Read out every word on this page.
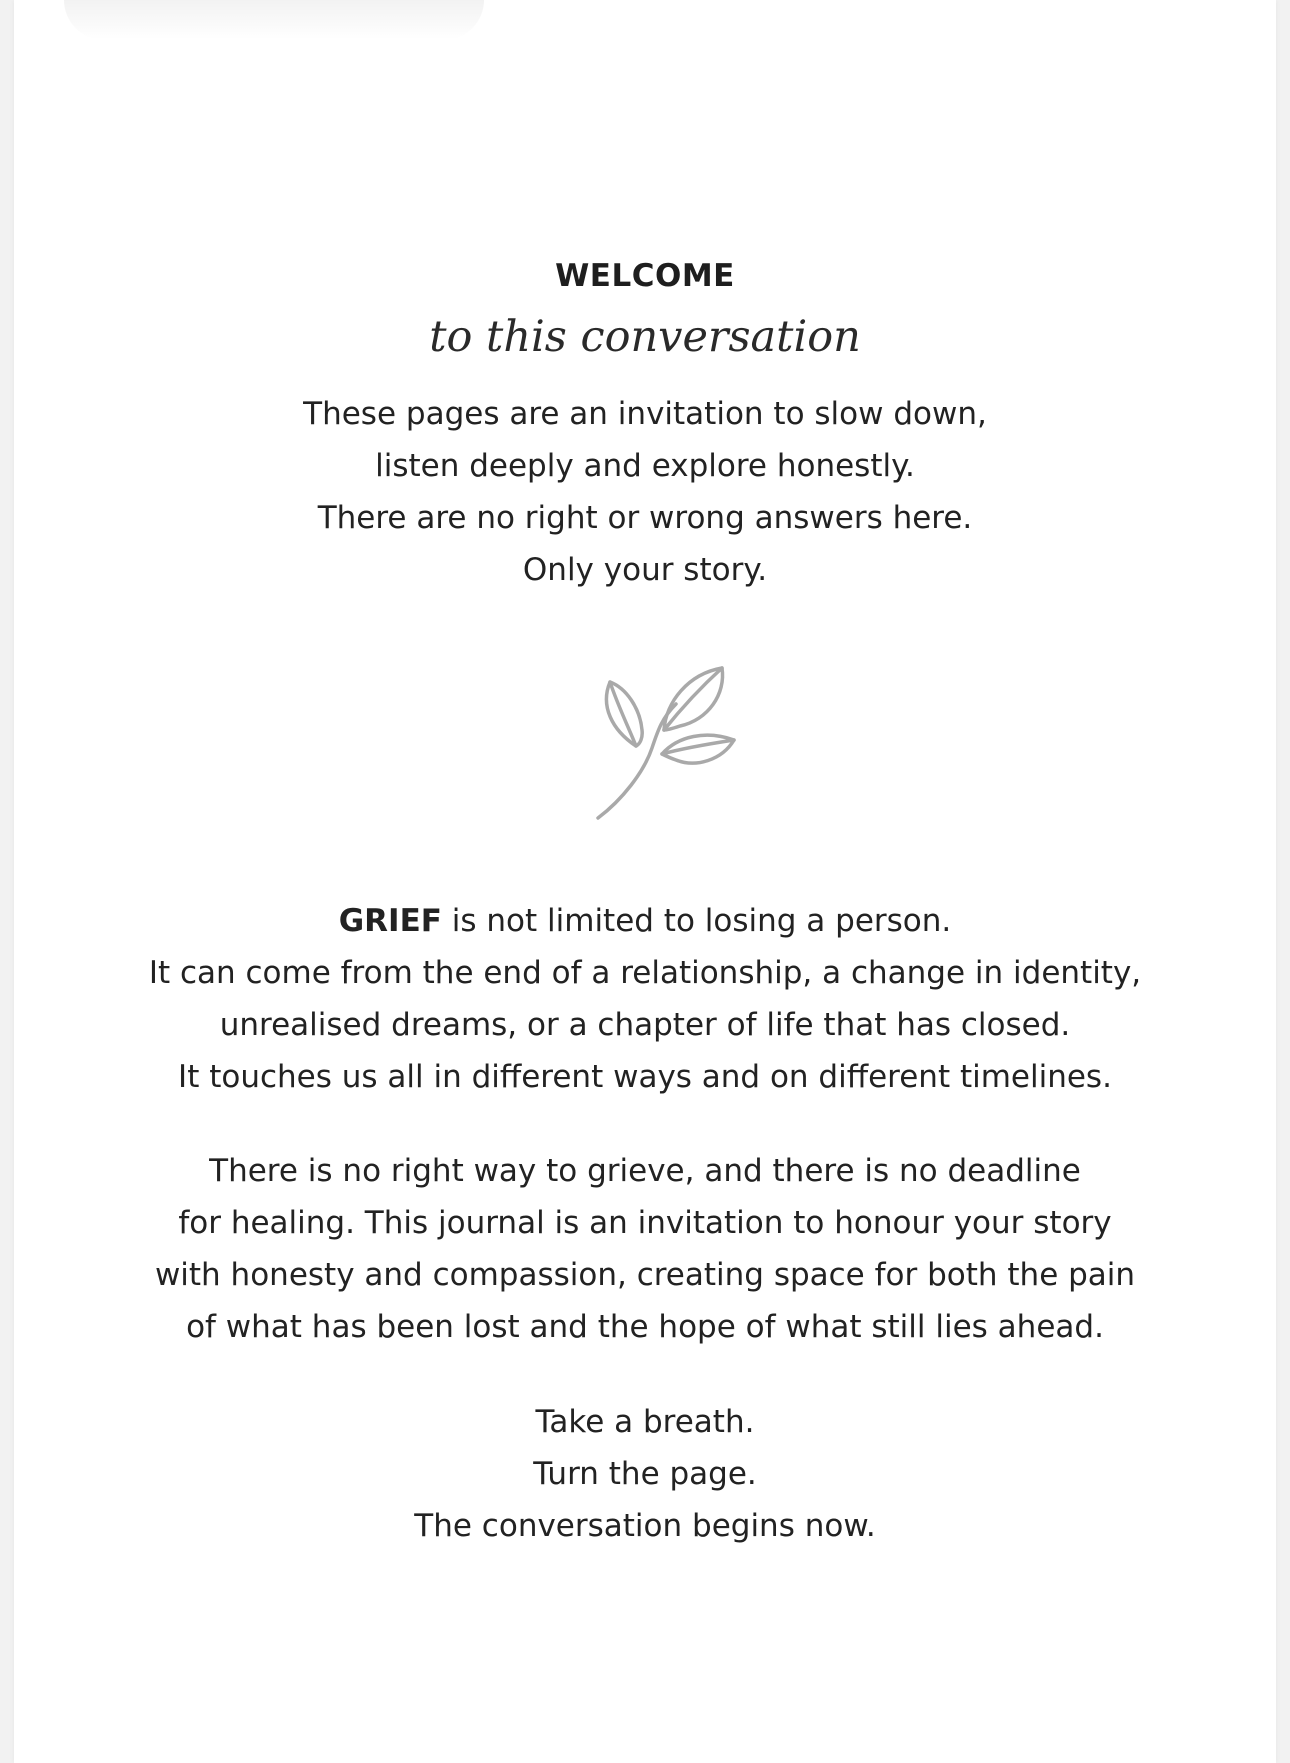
WELCOME
to this conversation

These pages are an invitation to slow down,

listen deeply and explore honestly.

There are no right or wrong answers here.

Only your story.

GRIEF is not limited to losing a person.

It can come from the end of a relationship, a change in identity,

unrealised dreams, or a chapter of life that has closed.

It touches us all in different ways and on different timelines.

There is no right way to grieve, and there is no deadline

for healing. This journal is an invitation to honour your story

with honesty and compassion, creating space for both the pain

of what has been lost and the hope of what still lies ahead.

Take a breath.

Turn the page.

The conversation begins now.
